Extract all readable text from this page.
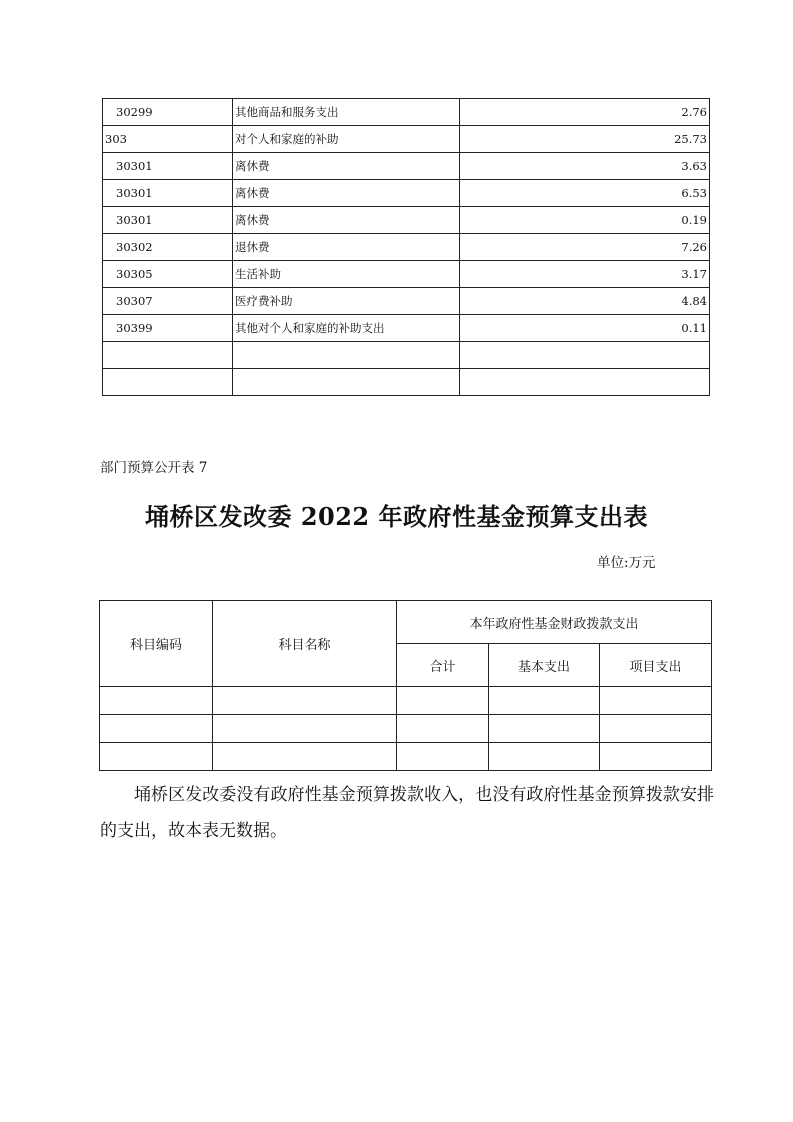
30299	其他商品和服务支出	2.76
303	对个人和家庭的补助	25.73
30301	离休费	3.63
30301	离休费	6.53
30301	离休费	0.19
30302	退休费	7.26
30305	生活补助	3.17
30307	医疗费补助	4.84
30399	其他对个人和家庭的补助支出	0.11

部门预算公开表 7
埇桥区发改委 2022 年政府性基金预算支出表
单位:万元
科目编码	科目名称	本年政府性基金财政拨款支出		
		合计	基本支出	项目支出

埇桥区发改委没有政府性基金预算拨款收入，也没有政府性基金预算拨款安排的支出，故本表无数据。
